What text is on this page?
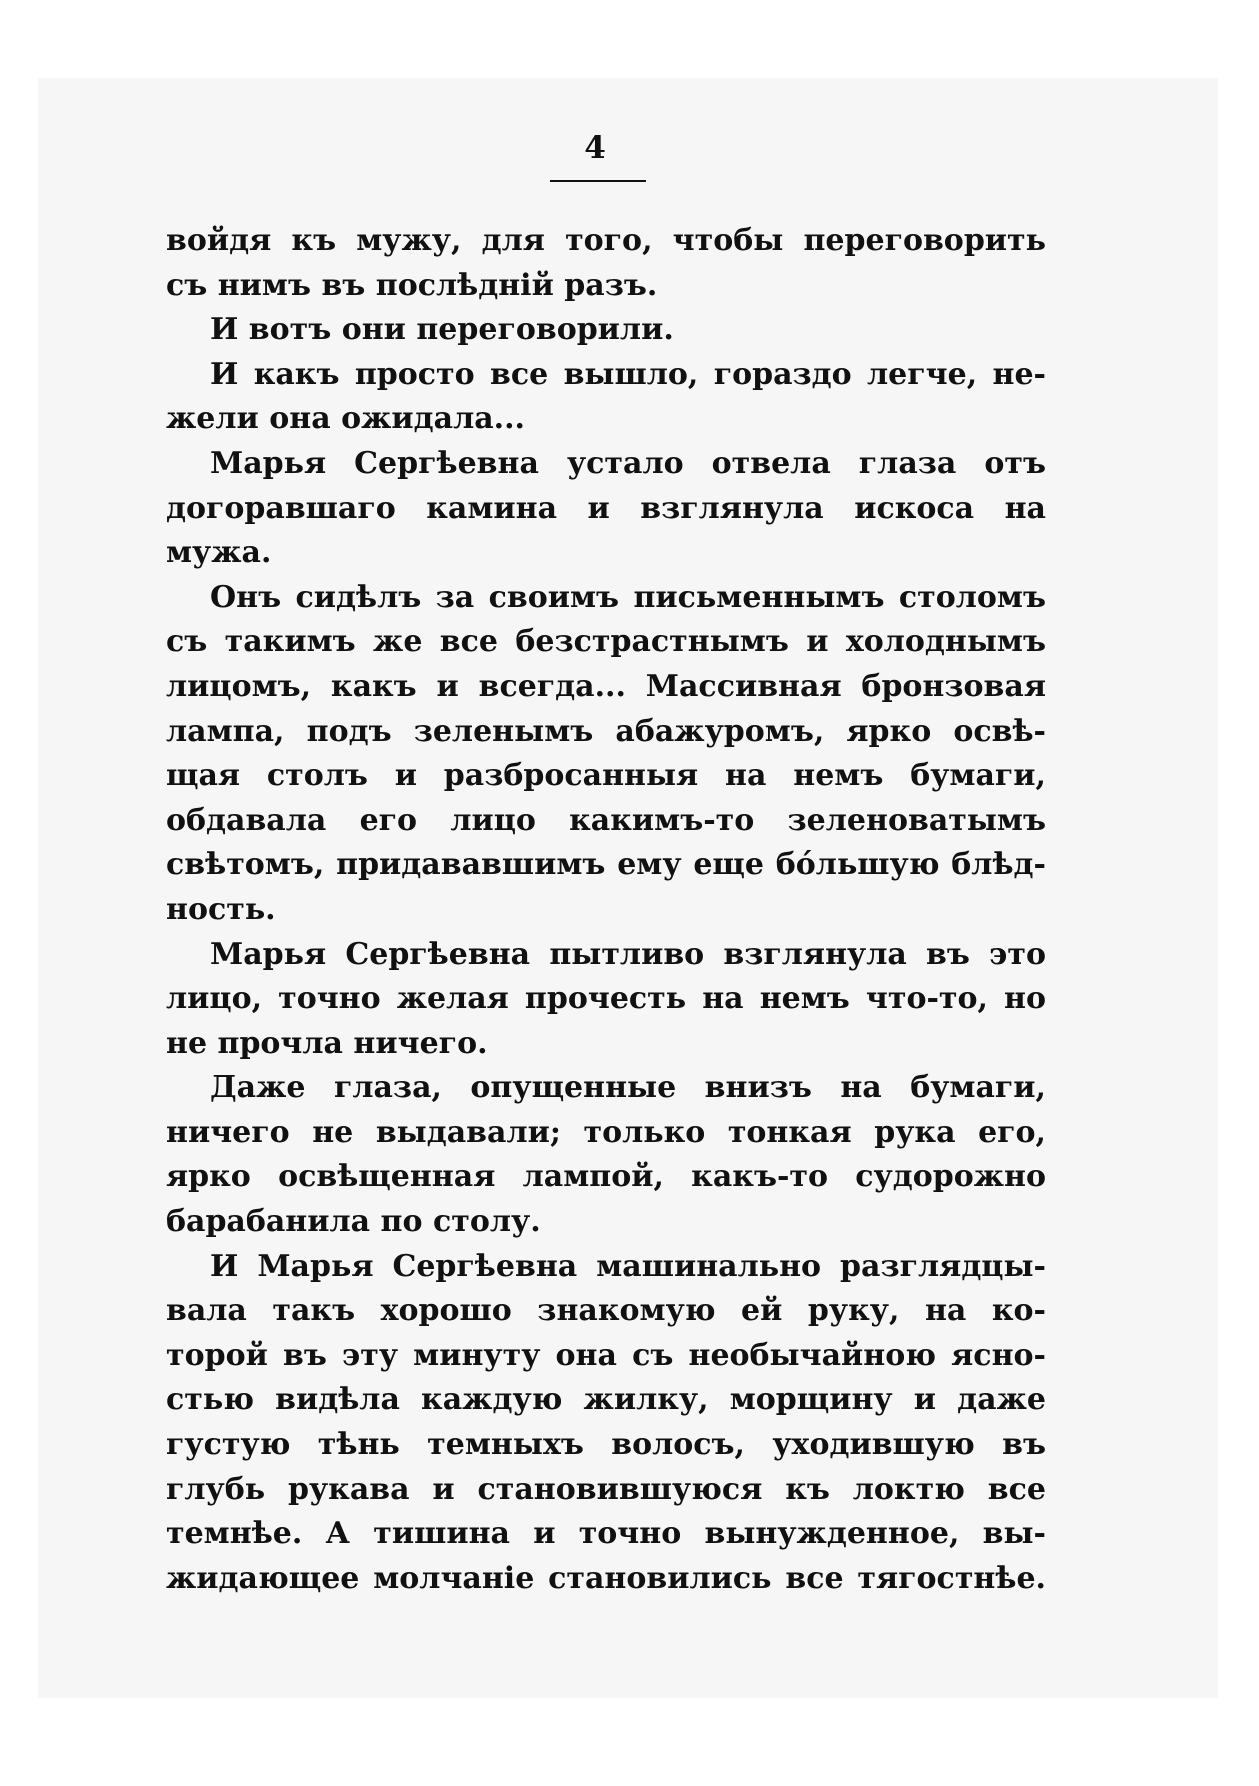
4
войдя къ мужу, для того, чтобы переговорить
съ нимъ въ послѣдній разъ.
И вотъ они переговорили.
И какъ просто все вышло, гораздо легче, не-
жели она ожидала...
Марья Сергѣевна устало отвела глаза отъ
догоравшаго камина и взглянула искоса на
мужа.
Онъ сидѣлъ за своимъ письменнымъ столомъ
съ такимъ же все безстрастнымъ и холоднымъ
лицомъ, какъ и всегда... Массивная бронзовая
лампа, подъ зеленымъ абажуромъ, ярко освѣ-
щая столъ и разбросанныя на немъ бумаги,
обдавала его лицо какимъ-то зеленоватымъ
свѣтомъ, придававшимъ ему еще бо́льшую блѣд-
ность.
Марья Сергѣевна пытливо взглянула въ это
лицо, точно желая прочесть на немъ что-то, но
не прочла ничего.
Даже глаза, опущенные внизъ на бумаги,
ничего не выдавали; только тонкая рука его,
ярко освѣщенная лампой, какъ-то судорожно
барабанила по столу.
И Марья Сергѣевна машинально разглядцы-
вала такъ хорошо знакомую ей руку, на ко-
торой въ эту минуту она съ необычайною ясно-
стью видѣла каждую жилку, морщину и даже
густую тѣнь темныхъ волосъ, уходившую въ
глубь рукава и становившуюся къ локтю все
темнѣе. А тишина и точно вынужденное, вы-
жидающее молчаніе становились все тягостнѣе.
